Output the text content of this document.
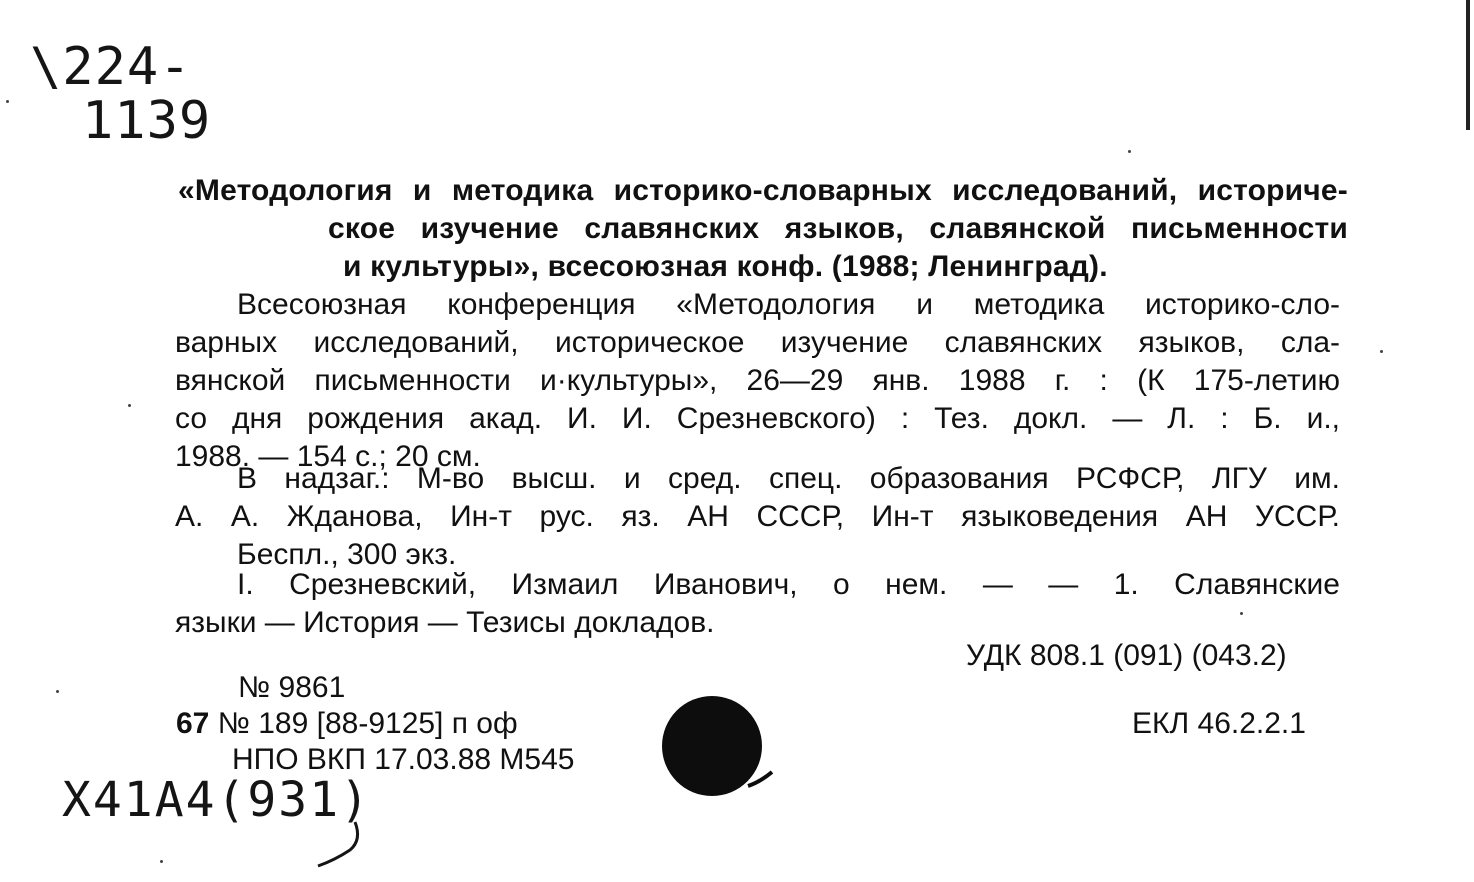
\224-
1139
«Методология и методика историко-словарных исследований, историче-
ское изучение славянских языков, славянской письменности
и культуры», всесоюзная конф. (1988; Ленинград).
Всесоюзная конференция «Методология и методика историко-сло-
варных исследований, историческое изучение славянских языков, сла-
вянской письменности и·культуры», 26—29 янв. 1988 г. : (К 175-летию
со дня рождения акад. И. И. Срезневского) : Тез. докл. — Л. : Б. и.,
1988. — 154 с.; 20 см.
В надзаг.: М-во высш. и сред. спец. образования РСФСР, ЛГУ им.
А. А. Жданова, Ин-т рус. яз. АН СССР, Ин-т языковедения АН УССР.
Беспл., 300 экз.
I. Срезневский, Измаил Иванович, о нем. — — 1. Славянские
языки — История — Тезисы докладов.
УДК 808.1 (091) (043.2)
№ 9861
67 № 189 [88-9125] п оф
НПО ВКП 17.03.88 М545
ЕКЛ 46.2.2.1
X41A4(931)
